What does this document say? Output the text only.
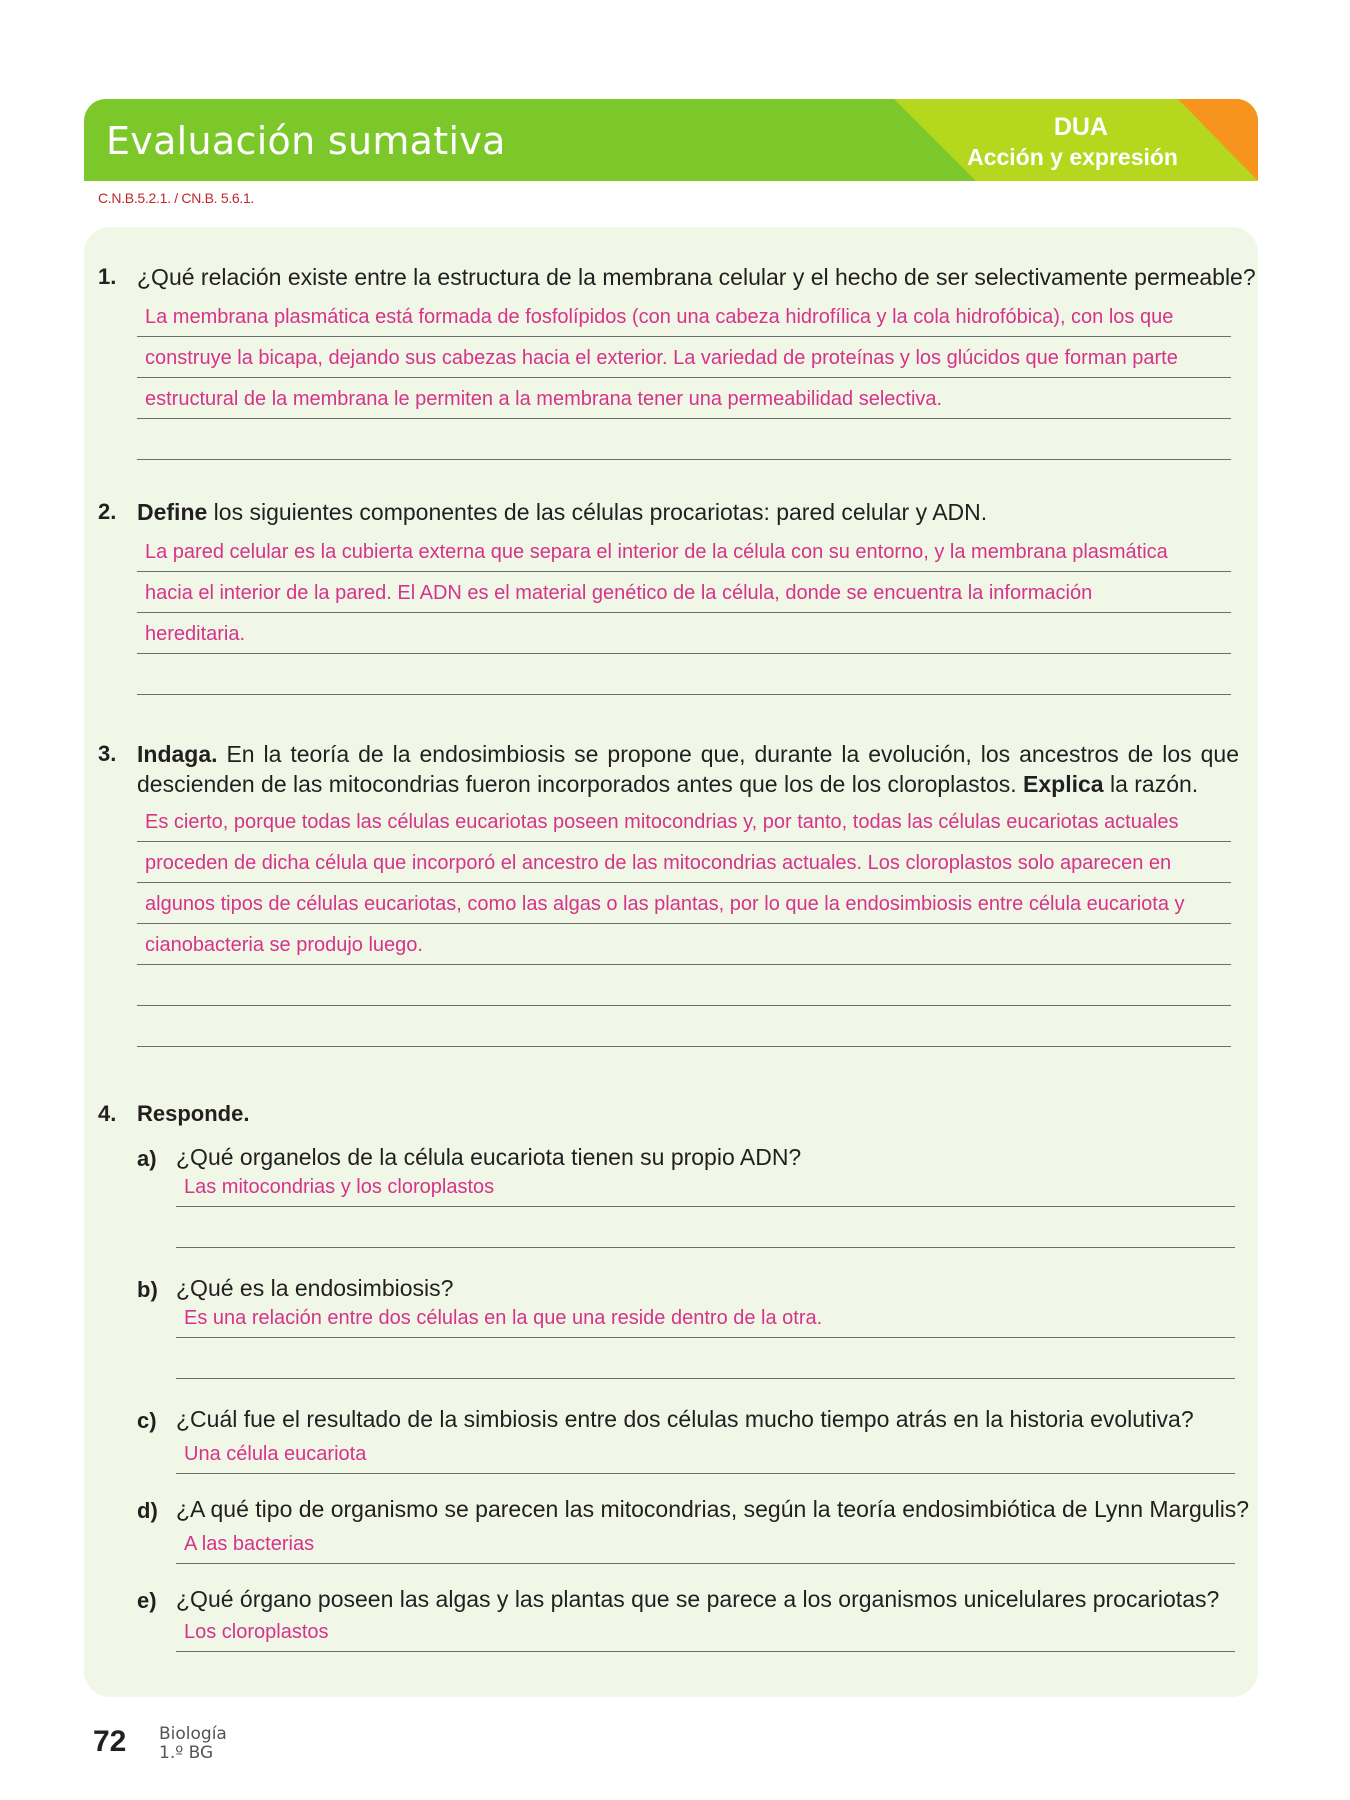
Evaluación sumativa	DUA
Acción y expresión
C.N.B.5.2.1. / CN.B. 5.6.1.
1. ¿Qué relación existe entre la estructura de la membrana celular y el hecho de ser selectivamente permeable?
La membrana plasmática está formada de fosfolípidos (con una cabeza hidrofílica y la cola hidrofóbica), con los que
construye la bicapa, dejando sus cabezas hacia el exterior. La variedad de proteínas y los glúcidos que forman parte
estructural de la membrana le permiten a la membrana tener una permeabilidad selectiva.
2. Define los siguientes componentes de las células procariotas: pared celular y ADN.
La pared celular es la cubierta externa que separa el interior de la célula con su entorno, y la membrana plasmática
hacia el interior de la pared. El ADN es el material genético de la célula, donde se encuentra la información
hereditaria.
3. Indaga. En la teoría de la endosimbiosis se propone que, durante la evolución, los ancestros de los que
descienden de las mitocondrias fueron incorporados antes que los de los cloroplastos. Explica la razón.
Es cierto, porque todas las células eucariotas poseen mitocondrias y, por tanto, todas las células eucariotas actuales
proceden de dicha célula que incorporó el ancestro de las mitocondrias actuales. Los cloroplastos solo aparecen en
algunos tipos de células eucariotas, como las algas o las plantas, por lo que la endosimbiosis entre célula eucariota y
cianobacteria se produjo luego.
4. Responde.
a) ¿Qué organelos de la célula eucariota tienen su propio ADN?
Las mitocondrias y los cloroplastos
b) ¿Qué es la endosimbiosis?
Es una relación entre dos células en la que una reside dentro de la otra.
c) ¿Cuál fue el resultado de la simbiosis entre dos células mucho tiempo atrás en la historia evolutiva?
Una célula eucariota
d) ¿A qué tipo de organismo se parecen las mitocondrias, según la teoría endosimbiótica de Lynn Margulis?
A las bacterias
e) ¿Qué órgano poseen las algas y las plantas que se parece a los organismos unicelulares procariotas?
Los cloroplastos
72 Biología
1.º BG
